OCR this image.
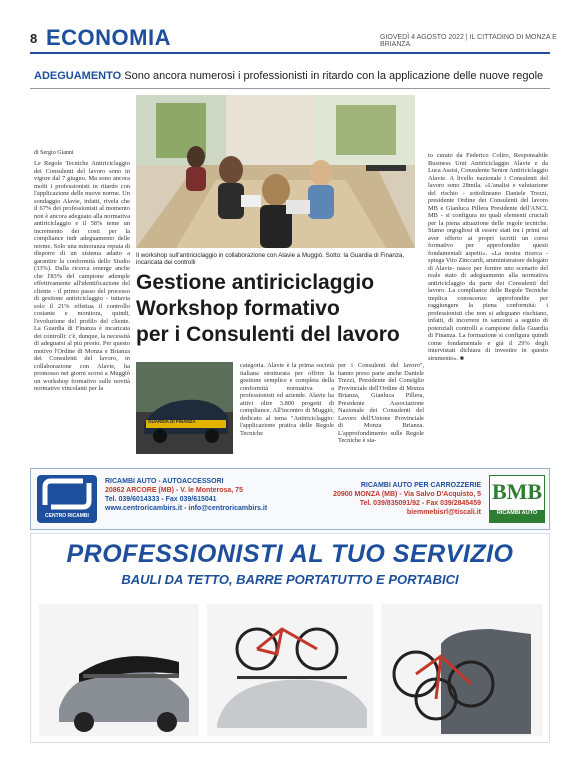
8 ECONOMIA	GIOVEDÌ 4 AGOSTO 2022 | IL CITTADINO DI MONZA E BRIANZA
ADEGUAMENTO Sono ancora numerosi i professionisti in ritardo con la applicazione delle nuove regole
di Sergio Gianni
Le Regole Tecniche Antiriciclaggio dei Consulenti del lavoro sono in vigore dal 7 giugno. Ma sono ancora molti i professionisti in ritardo con l'applicazione delle nuove norme. Un sondaggio Alavie, infatti, rivela che il 67% dei professionisti al momento non è ancora adeguato alla normativa antiriciclaggio e il 58% teme un incremento dei costi per la compliance indr adeguamento delle norme. Solo una minoranza reputa di disporre di un sistema adatto a garantire la conformità dello Studio (33%). Dalla ricerca emerge anche che l'83% del campione ademple effettivamente all'identificazione del cliente - il primo passo del processo di gestione antiriciclaggio - tuttavia solo il 21% effettua il controllo costante e monitora, quindi, l'evoluzione del profilo del cliente. La Guardia di Finanza è incaricata dei controlli: c'è, dunque, la necessità di adeguarsi al più presto. Per questo motivo l'Ordine di Monza e Brianza dei Consulenti del lavoro, in collaborazione con Alavie, ha promosso nei giorni scorsi a Muggiò un workshop formativo sulle novità normative vincolanti per la
Il workshop sull'antiriciclaggio in collaborazione con Alavie a Muggiò. Sotto: la Guardia di Finanza, incaricata dei controlli
Gestione antiriciclaggio
Workshop formativo
per i Consulenti del lavoro
GUARDIA DI FINANZA
categoria. Alavie è la prima società italiana strutturata per offrire la gestione semplice e completa della conformità normativa a professionisti ed aziende. Alavie ha attivi oltre 3.800 progetti di compliance. All'incontro di Muggiò, dedicato al tema "Antiriciclaggio: l'applicazione pratica delle Regole Tecniche
per i Consulenti del lavoro", hanno preso parte anche Daniele Trezzi, Presidente del Consiglio Provinciale dell'Ordine di Monza Brianza, Gianluca Pillera, Presidente Associazione Nazionale dei Consulenti del Lavoro dell'Unione Provinciale di Monza Brianza. L'approfondimento sulle Regole Tecniche è sta-
to curato da Federico Coltro, Responsabile Business Unit Antiriciclaggio Alavie e da Luca Assisi, Consulente Senior Antiriciclaggio Alavie. A livello nazionale i Consulenti del lavoro sono 28mila. «L'analisi e valutazione del rischio - sottolineano Daniele Trezzi, presidente Ordine dei Consulenti del lavoro MB e Gianluca Pillera Presidente dell'ANCL MB - si configura no quali elementi cruciali per la piena attuazione delle regole tecniche. Siamo orgogliosi di essere stati tra i primi ad aver offerto ai propri iscritti un corso formativo per approfondire questi fondamentali aspetti». «La nostra ricerca - spiega Vito Zinccardi, amministratore delegato di Alavie- nasce per fornire uno scenario del reale stato di adeguamento alla normativa antiriciclaggio da parte dei Consulenti del lavoro. La compliance delle Regole Tecniche implica conoscenze approfondite per raggiungere la piena conformità: i professionisti che non si adeguano rischiano, infatti, di incorrere in sanzioni a seguito di potenziali controlli a campione della Guardia di Finanza. La formazione si configura quindi come fondamentale e già il 29% degli intervistati dichiara di investire in questo strumento». ■
CENTRO RICAMBI
RICAMBI AUTO - AUTOACCESSORI
20862 ARCORE (MB) - V. le Monterosa, 75
Tel. 039/6014333 - Fax 039/615041
www.centroricambirs.it - info@centroricambirs.it
RICAMBI AUTO PER CARROZZERIE
20900 MONZA (MB) - Via Salvo D'Acquisto, 5
Tel. 039/835091/92 - Fax 039/2845459
biemmebisrl@tiscali.it
BMB
RICAMBI AUTO
PROFESSIONISTI AL TUO SERVIZIO
BAULI DA TETTO, BARRE PORTATUTTO E PORTABICI
